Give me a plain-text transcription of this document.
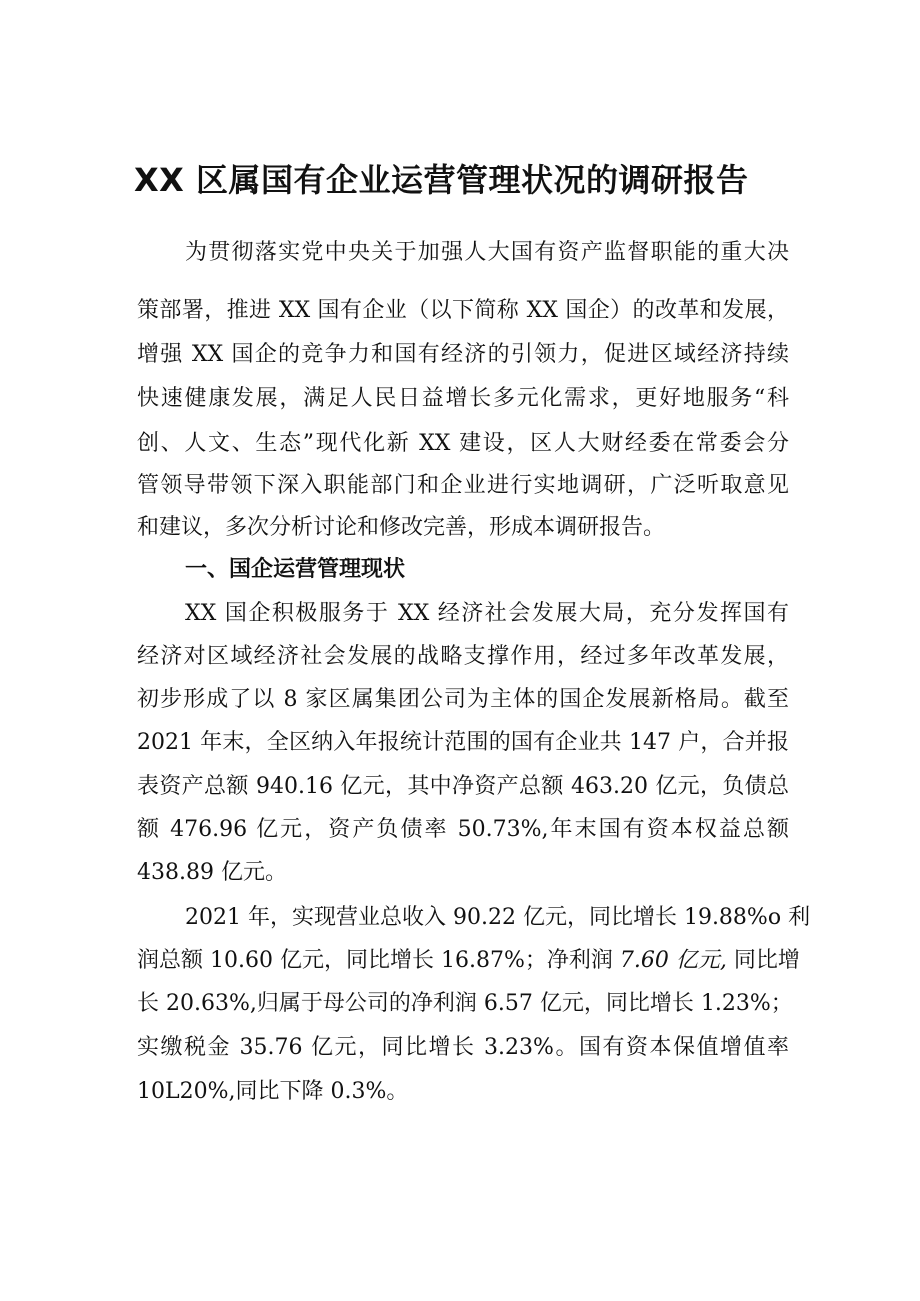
XX 区属国有企业运营管理状况的调研报告

为贯彻落实党中央关于加强人大国有资产监督职能的重大决

策部署，推进 XX 国有企业（以下简称 XX 国企）的改革和发展，

增强 XX 国企的竞争力和国有经济的引领力，促进区域经济持续

快速健康发展，满足人民日益增长多元化需求，更好地服务“科

创、人文、生态”现代化新 XX 建设，区人大财经委在常委会分

管领导带领下深入职能部门和企业进行实地调研，广泛听取意见

和建议，多次分析讨论和修改完善，形成本调研报告。

一、国企运营管理现状

XX 国企积极服务于 XX 经济社会发展大局，充分发挥国有

经济对区域经济社会发展的战略支撑作用，经过多年改革发展，

初步形成了以 8 家区属集团公司为主体的国企发展新格局。截至

2021 年末，全区纳入年报统计范围的国有企业共 147 户，合并报

表资产总额 940.16 亿元，其中净资产总额 463.20 亿元，负债总

额 476.96 亿元，资产负债率 50.73%,年末国有资本权益总额

438.89 亿元。

2021 年，实现营业总收入 90.22 亿元，同比增长 19.88%o 利

润总额 10.60 亿元，同比增长 16.87%；净利润 7.60 亿元, 同比增

长 20.63%,归属于母公司的净利润 6.57 亿元，同比增长 1.23%；

实缴税金 35.76 亿元，同比增长 3.23%。国有资本保值增值率

10L20%,同比下降 0.3%。
